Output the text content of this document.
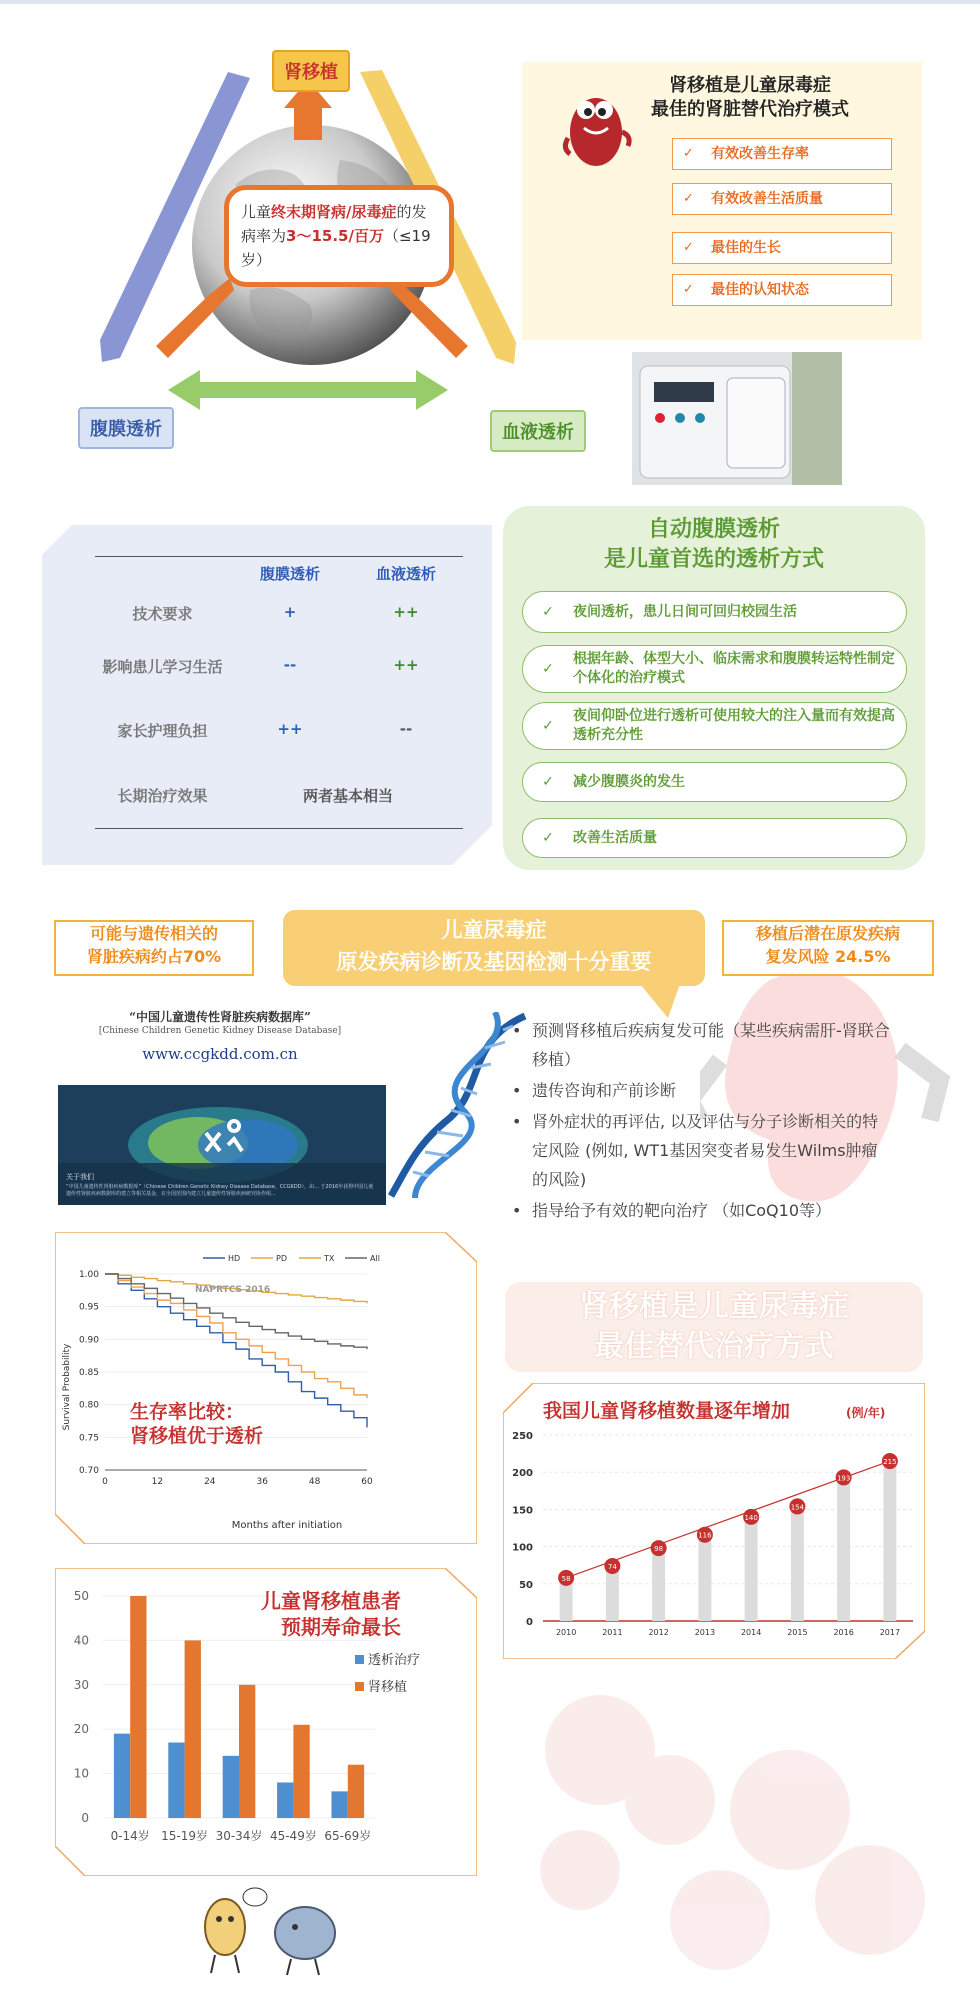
肾移植
腹膜透析	血液透析
儿童终末期肾病/尿毒症的发病率为3～15.5/百万（≤19岁）
肾移植是儿童尿毒症
最佳的肾脏替代治疗模式
✓ 有效改善生存率
✓ 有效改善生活质量
✓ 最佳的生长
✓ 最佳的认知状态
腹膜透析	血液透析
技术要求	+	++
影响患儿学习生活	--	++
家长护理负担	++	--
长期治疗效果	两者基本相当
自动腹膜透析
是儿童首选的透析方式
✓	夜间透析，患儿日间可回归校园生活
✓
根据年龄、体型大小、临床需求和腹膜转运特性制定个体化的治疗模式
✓
夜间仰卧位进行透析可使用较大的注入量而有效提高透析充分性
✓	减少腹膜炎的发生
✓	改善生活质量
可能与遗传相关的
肾脏疾病约占70%
儿童尿毒症
原发疾病诊断及基因检测十分重要
移植后潜在原发疾病
复发风险 24.5%
“中国儿童遗传性肾脏疾病数据库”
[Chinese Children Genetic Kidney Disease Database]
www.ccgkdd.com.cn
关于我们
“中国儿童遗传性肾脏疾病数据库”（Chinese Children Genetic Kidney Disease Database，CCGKDD），由... 于2016年获得中国儿童遗传性肾脏疾病数据库的建立等相关基金，在全国范围内建立儿童遗传性肾脏疾病研究协作组...
• 预测肾移植后疾病复发可能（某些疾病需肝-肾联合移植）
• 遗传咨询和产前诊断
• 肾外症状的再评估, 以及评估与分子诊断相关的特定风险 (例如, WT1基因突变者易发生Wilms肿瘤的风险)
• 指导给予有效的靶向治疗 （如CoQ10等）
肾移植是儿童尿毒症
最佳替代治疗方式
0.70
0.75
0.80
0.85
0.90
0.95
1.00
0	12	24	36	48	60
NAPRTCS 2016
生存率比较：
肾移植优于透析
Months after initiation
Survival Probability
HD	PD	TX	All
0
10
20
30
40
50
0-14岁 15-19岁 30-34岁 45-49岁 65-69岁
儿童肾移植患者
预期寿命最长
透析治疗
肾移植
我国儿童肾移植数量逐年增加	(例/年)
0
50
100
150
200
250
2010	2011	2012	2013	2014	2015	2016	2017
58
74
98
116
140
154
193
215
